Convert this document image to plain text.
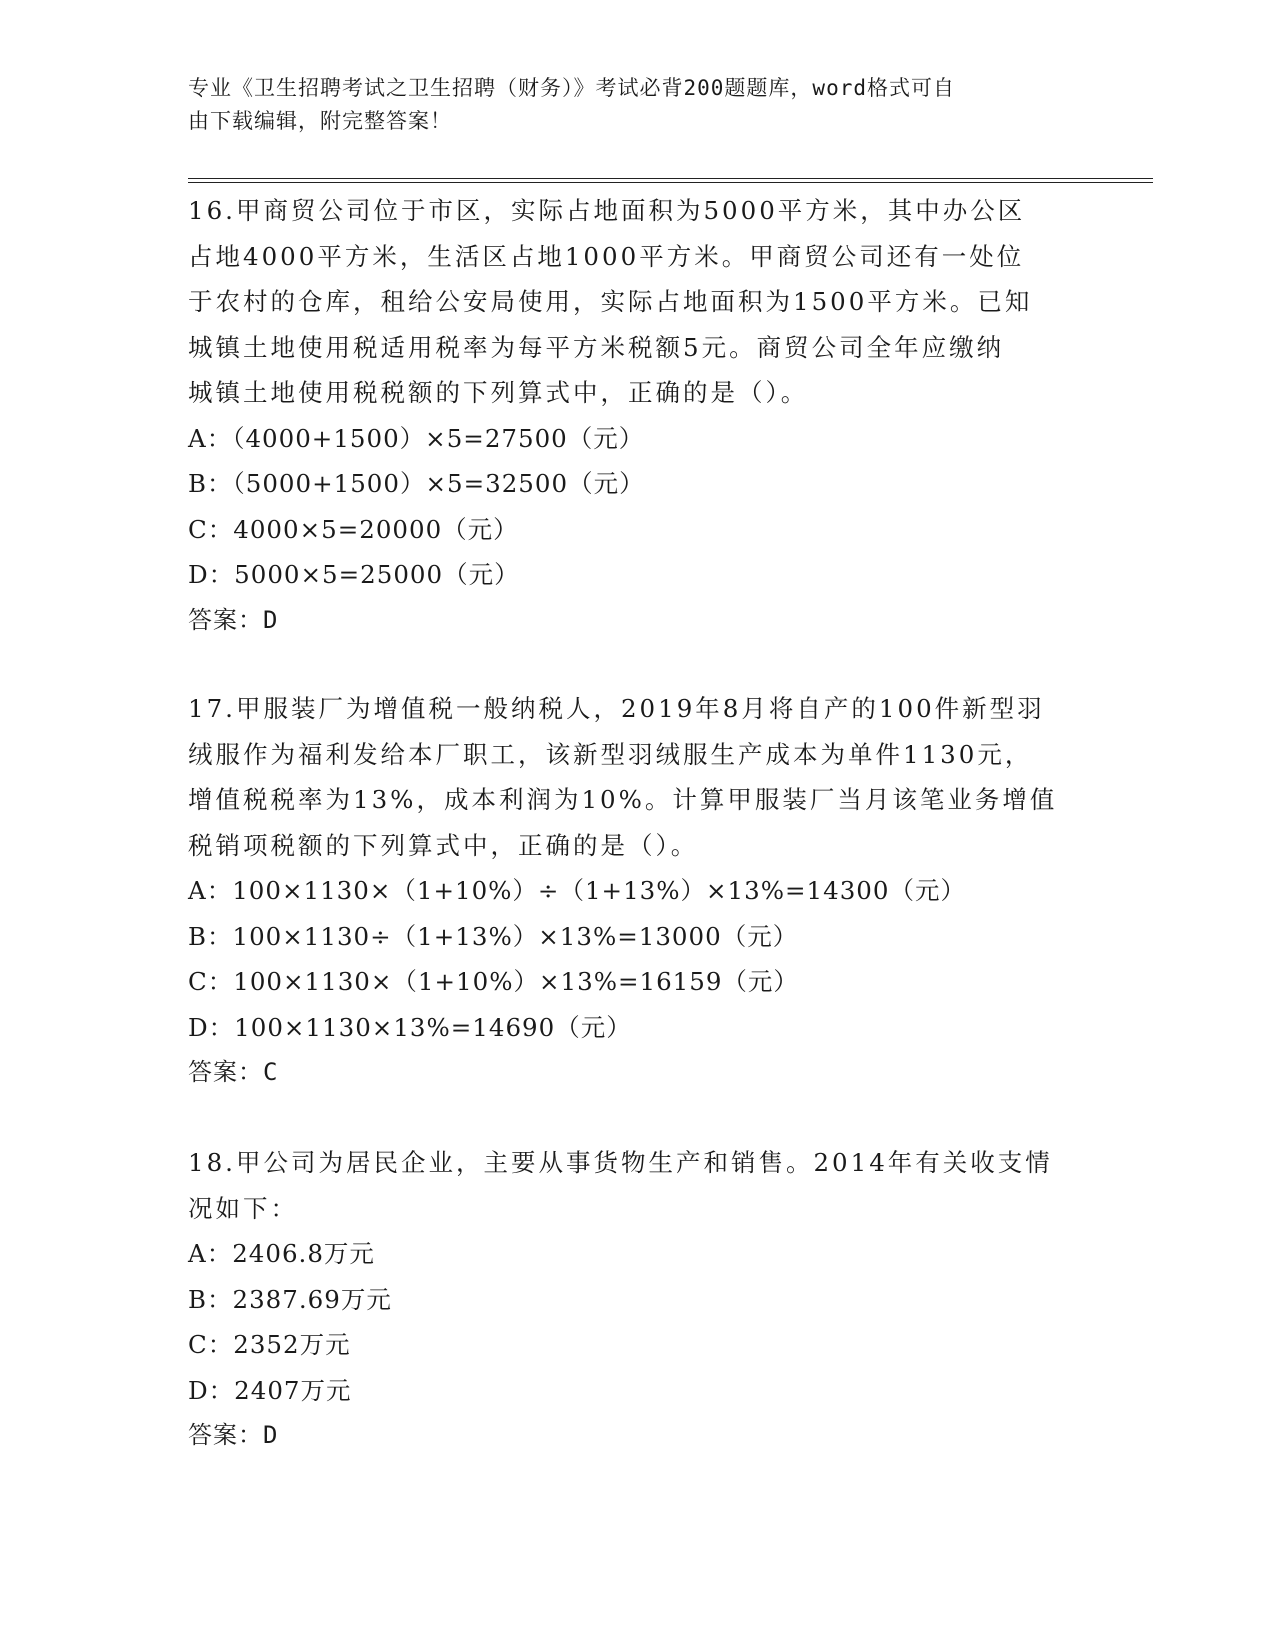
专业《卫生招聘考试之卫生招聘（财务）》考试必背200题题库，word格式可自
由下载编辑，附完整答案！
16.甲商贸公司位于市区，实际占地面积为5000平方米，其中办公区
占地4000平方米，生活区占地1000平方米。甲商贸公司还有一处位
于农村的仓库，租给公安局使用，实际占地面积为1500平方米。已知
城镇土地使用税适用税率为每平方米税额5元。商贸公司全年应缴纳
城镇土地使用税税额的下列算式中，正确的是（）。
A：（4000+1500）×5=27500（元）
B：（5000+1500）×5=32500（元）
C：4000×5=20000（元）
D：5000×5=25000（元）
答案：D
17.甲服装厂为增值税一般纳税人，2019年8月将自产的100件新型羽
绒服作为福利发给本厂职工，该新型羽绒服生产成本为单件1130元，
增值税税率为13%，成本利润为10%。计算甲服装厂当月该笔业务增值
税销项税额的下列算式中，正确的是（）。
A：100×1130×（1+10%）÷（1+13%）×13%=14300（元）
B：100×1130÷（1+13%）×13%=13000（元）
C：100×1130×（1+10%）×13%=16159（元）
D：100×1130×13%=14690（元）
答案：C
18.甲公司为居民企业，主要从事货物生产和销售。2014年有关收支情
况如下：
A：2406.8万元
B：2387.69万元
C：2352万元
D：2407万元
答案：D
